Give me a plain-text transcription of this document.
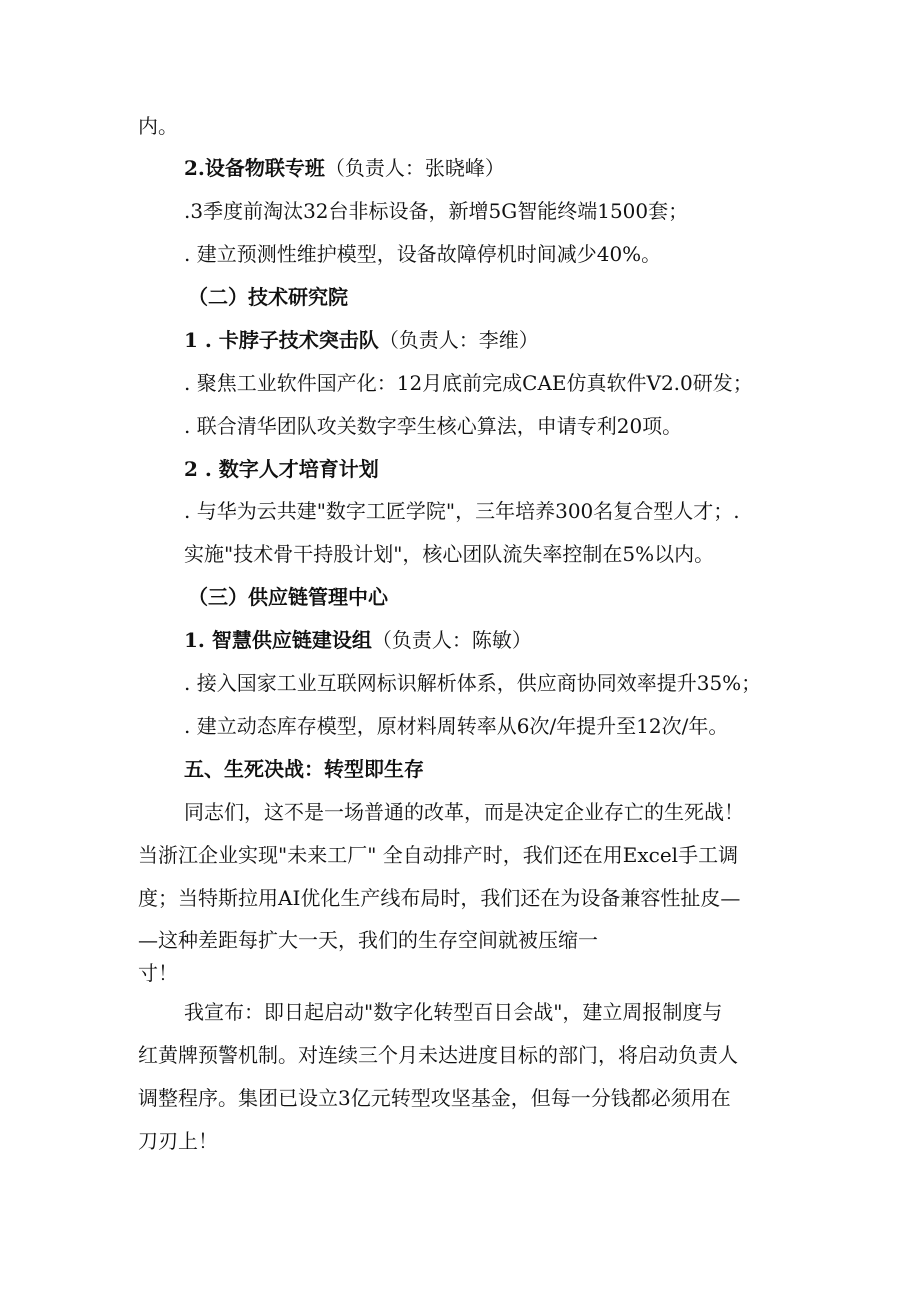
内。
2.设备物联专班（负责人：张晓峰）
.3季度前淘汰32台非标设备，新增5G智能终端1500套；
. 建立预测性维护模型，设备故障停机时间减少40%。
（二）技术研究院
1 . 卡脖子技术突击队（负责人：李维）
. 聚焦工业软件国产化：12月底前完成CAE仿真软件V2.0研发；
. 联合清华团队攻关数字孪生核心算法，申请专利20项。
2 . 数字人才培育计划
. 与华为云共建"数字工匠学院"，三年培养300名复合型人才；.
实施"技术骨干持股计划"，核心团队流失率控制在5%以内。
（三）供应链管理中心
1. 智慧供应链建设组（负责人：陈敏）
. 接入国家工业互联网标识解析体系，供应商协同效率提升35%；
. 建立动态库存模型，原材料周转率从6次/年提升至12次/年。
五、生死决战：转型即生存
同志们，这不是一场普通的改革，而是决定企业存亡的生死战！
当浙江企业实现"未来工厂" 全自动排产时，我们还在用Excel手工调
度；当特斯拉用AI优化生产线布局时，我们还在为设备兼容性扯皮—
—这种差距每扩大一天，我们的生存空间就被压缩一
寸！
我宣布：即日起启动"数字化转型百日会战"，建立周报制度与
红黄牌预警机制。对连续三个月未达进度目标的部门，将启动负责人
调整程序。集团已设立3亿元转型攻坚基金，但每一分钱都必须用在
刀刃上！
